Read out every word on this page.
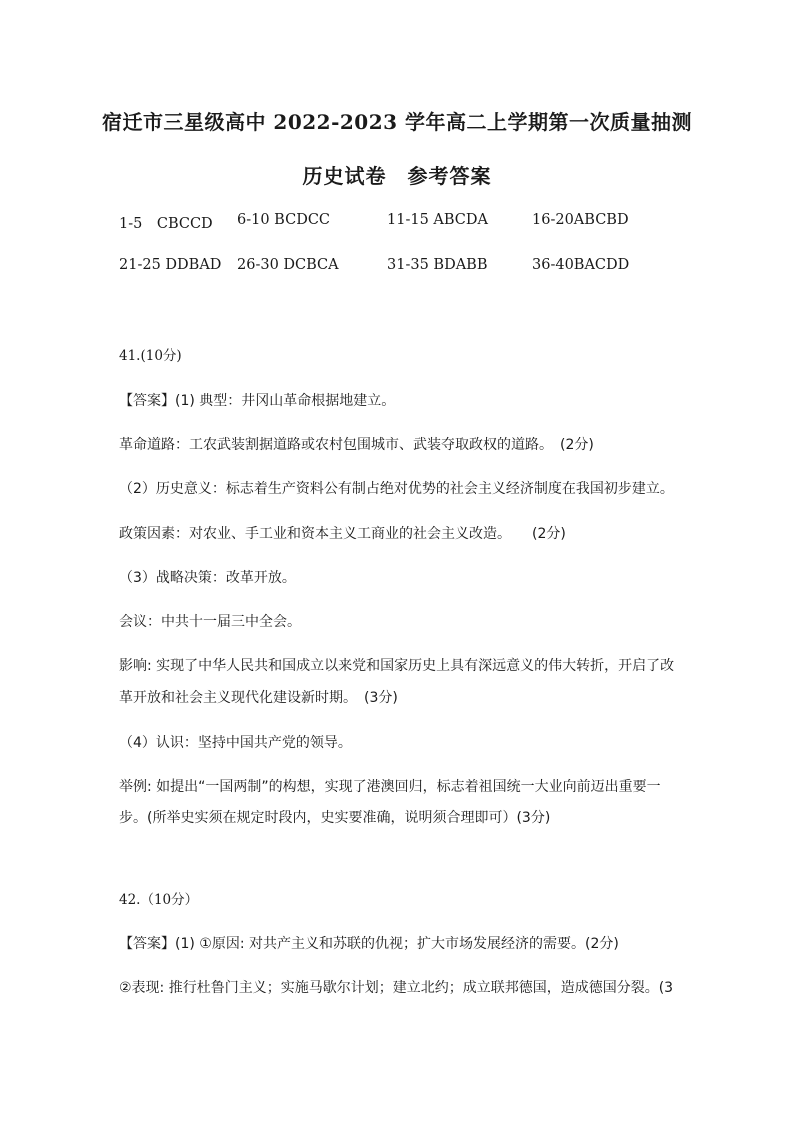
宿迁市三星级高中 2022-2023 学年高二上学期第一次质量抽测
历史试卷　参考答案
1-5　CBCCD 6-10 BCDCC	11-15 ABCDA	16-20ABCBD
21-25 DDBAD 26-30 DCBCA	31-35 BDABB	36-40BACDD

41.(10分)

【答案】(1) 典型：井冈山革命根据地建立。

革命道路：工农武装割据道路或农村包围城市、武装夺取政权的道路。　(2分)

（2）历史意义：标志着生产资料公有制占绝对优势的社会主义经济制度在我国初步建立。

政策因素：对农业、手工业和资本主义工商业的社会主义改造。　　(2分)

（3）战略决策：改革开放。

会议：中共十一届三中全会。

影响: 实现了中华人民共和国成立以来党和国家历史上具有深远意义的伟大转折，开启了改

革开放和社会主义现代化建设新时期。　(3分)

（4）认识：坚持中国共产党的领导。

举例: 如提出“一国两制”的构想，实现了港澳回归，标志着祖国统一大业向前迈出重要一

步。(所举史实须在规定时段内，史实要准确，说明须合理即可）(3分)

42.（10分）

【答案】(1) ①原因: 对共产主义和苏联的仇视；扩大市场发展经济的需要。(2分)

②表现: 推行杜鲁门主义；实施马歇尔计划；建立北约；成立联邦德国，造成德国分裂。(3
